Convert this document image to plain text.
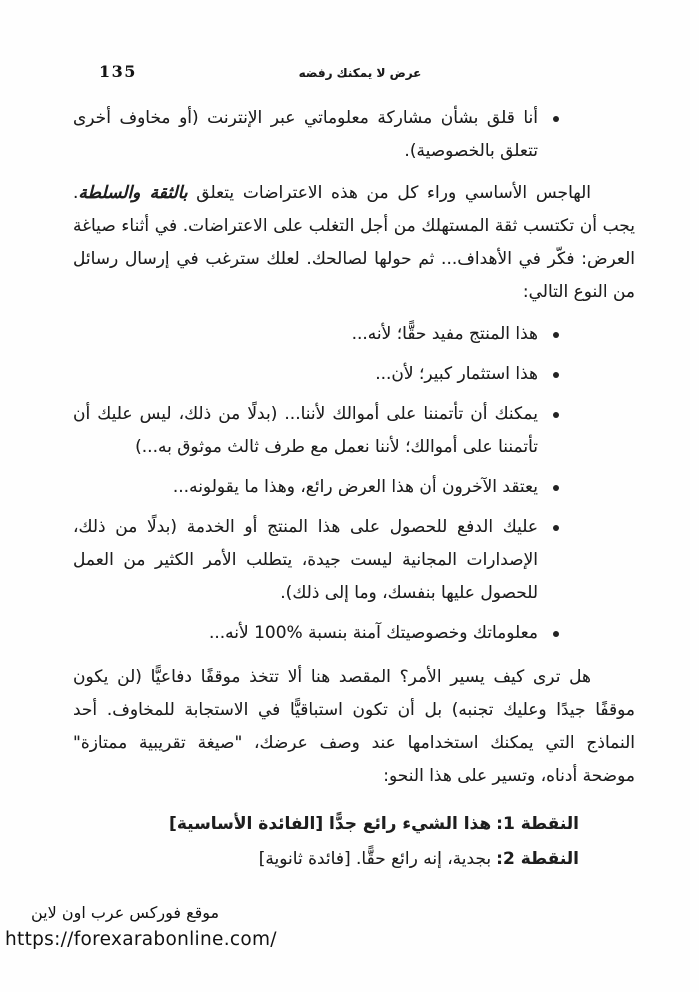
135	عرض لا يمكنك رفضه
أنا قلق بشأن مشاركة معلوماتي عبر الإنترنت (أو مخاوف أخرى تتعلق بالخصوصية).

الهاجس الأساسي وراء كل من هذه الاعتراضات يتعلق بالثقة والسلطة. يجب أن تكتسب ثقة المستهلك من أجل التغلب على الاعتراضات. في أثناء صياغة العرض: فكّر في الأهداف... ثم حولها لصالحك. لعلك سترغب في إرسال رسائل من النوع التالي:

هذا المنتج مفيد حقًّا؛ لأنه...
هذا استثمار كبير؛ لأن...
يمكنك أن تأتمننا على أموالك لأننا... (بدلًا من ذلك، ليس عليك أن تأتمننا على أموالك؛ لأننا نعمل مع طرف ثالث موثوق به...)
يعتقد الآخرون أن هذا العرض رائع، وهذا ما يقولونه...
عليك الدفع للحصول على هذا المنتج أو الخدمة (بدلًا من ذلك، الإصدارات المجانية ليست جيدة، يتطلب الأمر الكثير من العمل للحصول عليها بنفسك، وما إلى ذلك).
معلوماتك وخصوصيتك آمنة بنسبة %100 لأنه...

هل ترى كيف يسير الأمر؟ المقصد هنا ألا تتخذ موقفًا دفاعيًّا (لن يكون موقفًا جيدًا وعليك تجنبه) بل أن تكون استباقيًّا في الاستجابة للمخاوف. أحد النماذج التي يمكنك استخدامها عند وصف عرضك، "صيغة تقريبية ممتازة" موضحة أدناه، وتسير على هذا النحو:

النقطة 1:هذا الشيء رائع جدًّا [الفائدة الأساسية]
النقطة 2:بجدية، إنه رائع حقًّا. [فائدة ثانوية]
موقع فوركس عرب اون لاين
https://forexarabonline.com/
